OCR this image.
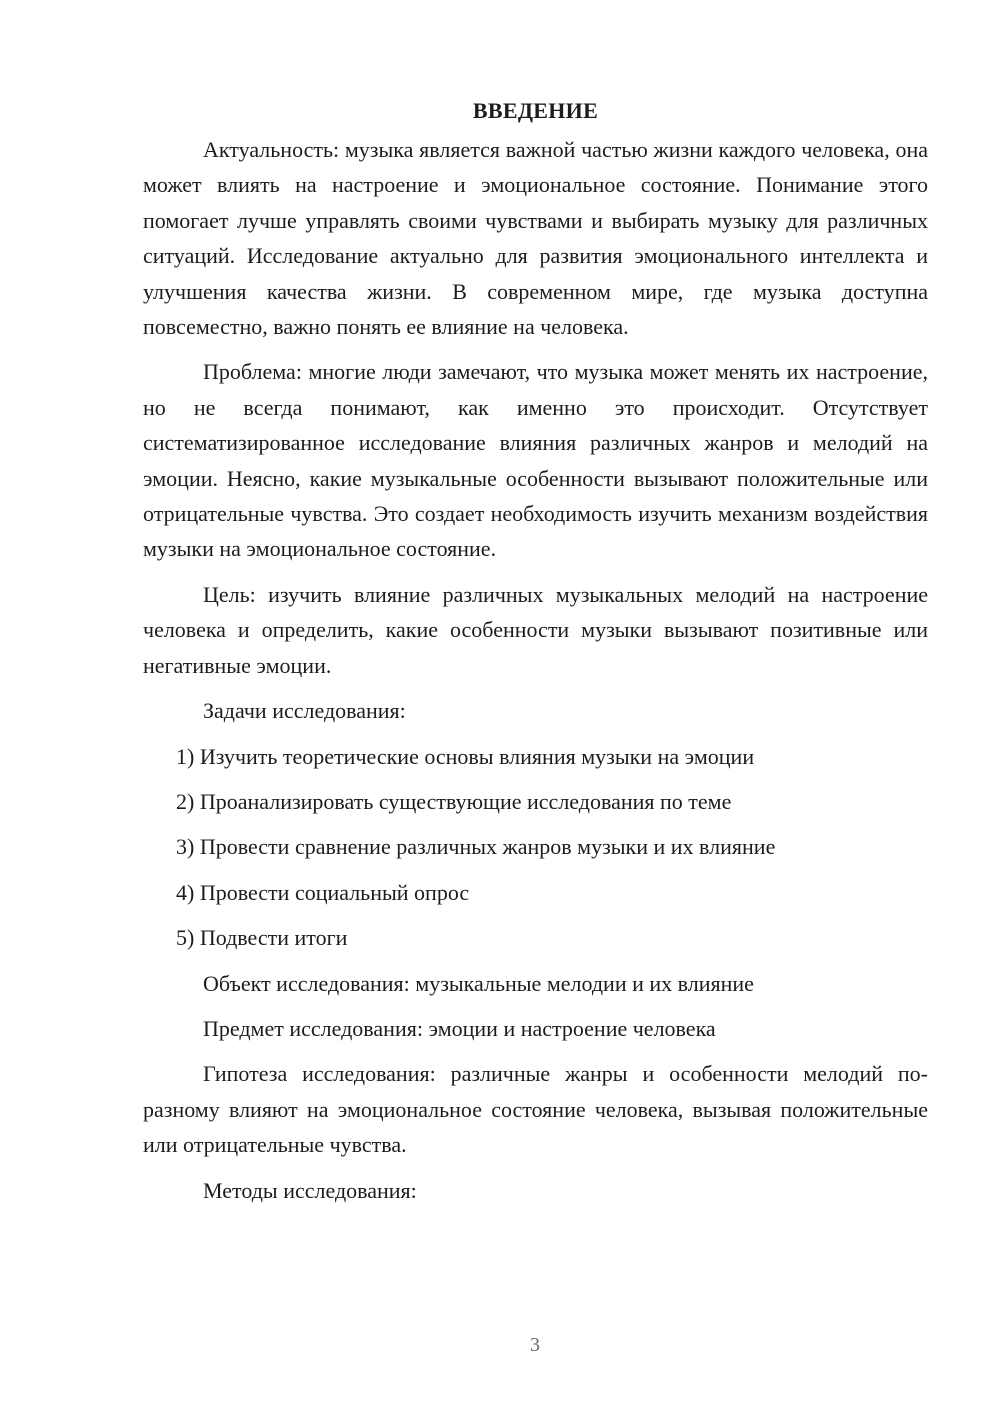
ВВЕДЕНИЕ

Актуальность: музыка является важной частью жизни каждого человека, она может влиять на настроение и эмоциональное состояние. Понимание этого помогает лучше управлять своими чувствами и выбирать музыку для различных ситуаций. Исследование актуально для развития эмоционального интеллекта и улучшения качества жизни. В современном мире, где музыка доступна повсеместно, важно понять ее влияние на человека.

Проблема: многие люди замечают, что музыка может менять их настроение, но не всегда понимают, как именно это происходит. Отсутствует систематизированное исследование влияния различных жанров и мелодий на эмоции. Неясно, какие музыкальные особенности вызывают положительные или отрицательные чувства. Это создает необходимость изучить механизм воздействия музыки на эмоциональное состояние.

Цель: изучить влияние различных музыкальных мелодий на настроение человека и определить, какие особенности музыки вызывают позитивные или негативные эмоции.

Задачи исследования:

1) Изучить теоретические основы влияния музыки на эмоции

2) Проанализировать существующие исследования по теме

3) Провести сравнение различных жанров музыки и их влияние

4) Провести социальный опрос

5) Подвести итоги

Объект исследования: музыкальные мелодии и их влияние

Предмет исследования: эмоции и настроение человека

Гипотеза исследования: различные жанры и особенности мелодий по-разному влияют на эмоциональное состояние человека, вызывая положительные или отрицательные чувства.

Методы исследования:

3
